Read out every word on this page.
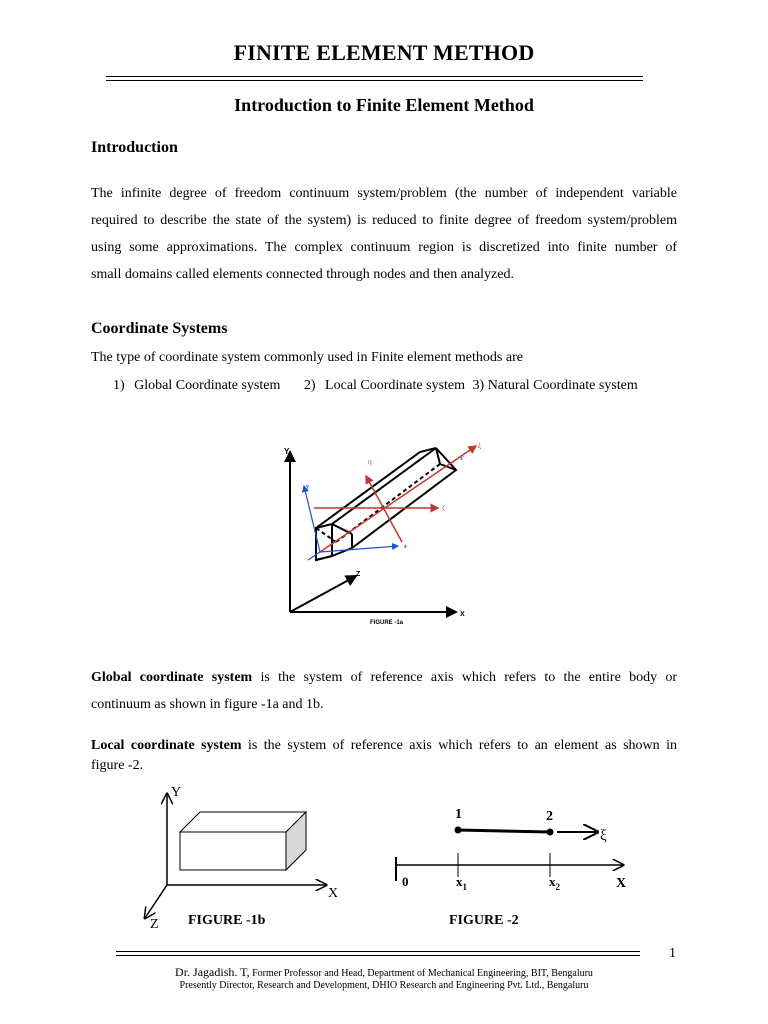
FINITE ELEMENT METHOD
Introduction to Finite Element Method
Introduction
The infinite degree of freedom continuum system/problem (the number of independent variable
required to describe the state of the system) is reduced to finite degree of freedom system/problem
using some approximations. The complex continuum region is discretized into finite number of
small domains called elements connected through nodes and then analyzed.
Coordinate Systems
The type of coordinate system commonly used in Finite element methods are
1) Global Coordinate system 2) Local Coordinate system 3) Natural Coordinate system
Y
X
Z
ξ
η
ζ
y
z
x'
FIGURE -1a
Global coordinate system is the system of reference axis which refers to the entire body or
continuum as shown in figure -1a and 1b.
Local coordinate system is the system of reference axis which refers to an element as shown in
figure -2.
Y
X
Z FIGURE -1b
1	2
ξ
0	$x_1$	$x_2$	X
FIGURE -2
1
Dr. Jagadish. T, Former Professor and Head, Department of Mechanical Engineering, BIT, Bengaluru
Presently Director, Research and Development, DHIO Research and Engineering Pvt. Ltd., Bengaluru
